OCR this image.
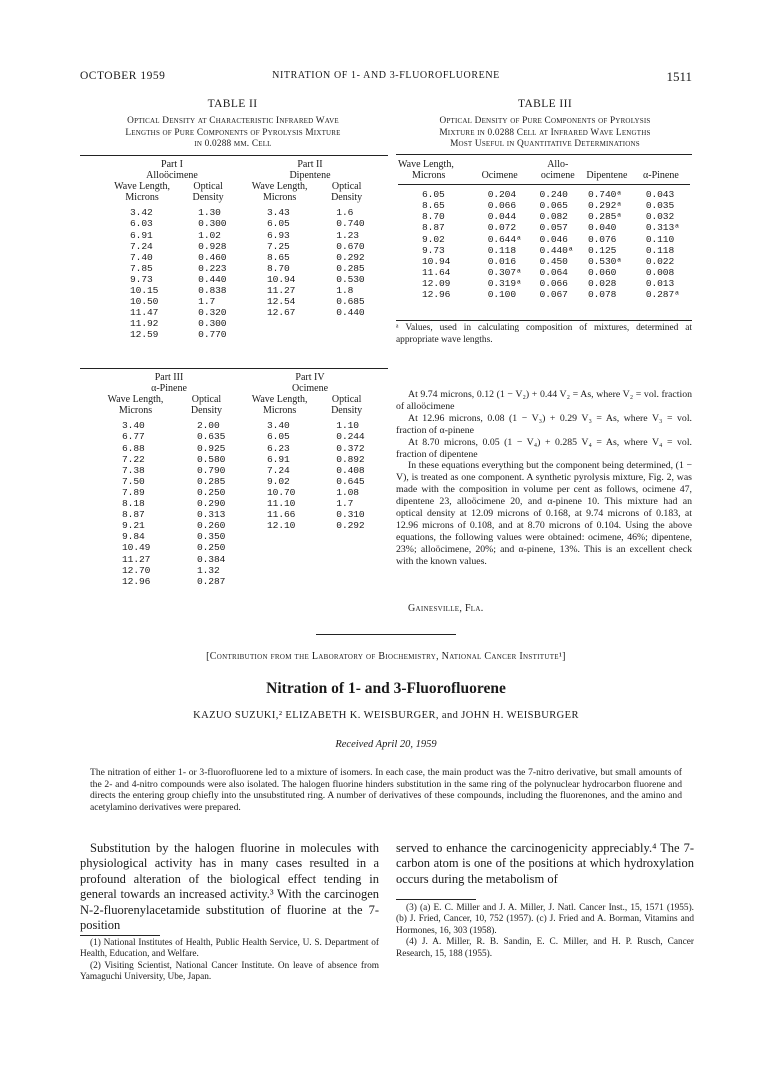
OCTOBER 1959	NITRATION OF 1- AND 3-FLUOROFLUORENE	1511
TABLE II
Optical Density at Characteristic Infrared Wave
Lengths of Pure Components of Pyrolysis Mixture
in 0.0288 mm. Cell
Part I	
Alloöcimene	
Wave Length,	Optical
Microns	Density
3.42	1.30
6.03	0.300
6.91	1.02
7.24	0.928
7.40	0.460
7.85	0.223
9.73	0.440
10.15	0.838
10.50	1.7
11.47	0.320
11.92	0.300
12.59	0.770
Part II	
Dipentene	
Wave Length,	Optical
Microns	Density
3.43	1.6
6.05	0.740
6.93	1.23
7.25	0.670
8.65	0.292
8.70	0.285
10.94	0.530
11.27	1.8
12.54	0.685
12.67	0.440
Part III	
α-Pinene	
Wave Length,	Optical
Microns	Density
3.40	2.00
6.77	0.635
6.88	0.925
7.22	0.580
7.38	0.790
7.50	0.285
7.89	0.250
8.18	0.290
8.87	0.313
9.21	0.260
9.84	0.350
10.49	0.250
11.27	0.384
12.70	1.32
12.96	0.287
Part IV	
Ocimene	
Wave Length,	Optical
Microns	Density
3.40	1.10
6.05	0.244
6.23	0.372
6.91	0.892
7.24	0.408
9.02	0.645
10.70	1.08
11.10	1.7
11.66	0.310
12.10	0.292
TABLE III
Optical Density of Pure Components of Pyrolysis
Mixture in 0.0288 Cell at Infrared Wave Lengths
Most Useful in Quantitative Determinations
Wave Length,		Allo-		
Microns	Ocimene	ocimene	Dipentene	α-Pinene

6.05	0.204	0.240	0.740ᵃ	0.043
8.65	0.066	0.065	0.292ᵃ	0.035
8.70	0.044	0.082	0.285ᵃ	0.032
8.87	0.072	0.057	0.040	0.313ᵃ
9.02	0.644ᵃ	0.046	0.076	0.110
9.73	0.118	0.440ᵃ	0.125	0.118
10.94	0.016	0.450	0.530ᵃ	0.022
11.64	0.307ᵃ	0.064	0.060	0.008
12.09	0.319ᵃ	0.066	0.028	0.013
12.96	0.100	0.067	0.078	0.287ᵃ
ᵃ Values, used in calculating composition of mixtures, determined at appropriate wave lengths.

At 9.74 microns, 0.12 (1 − V₂) + 0.44 V₂ = As, where V₂ = vol. fraction of alloöcimene

At 12.96 microns, 0.08 (1 − V₃) + 0.29 V₃ = As, where V₃ = vol. fraction of α-pinene

At 8.70 microns, 0.05 (1 − V₄) + 0.285 V₄ = As, where V₄ = vol. fraction of dipentene

In these equations everything but the component being determined, (1 − V), is treated as one component. A synthetic pyrolysis mixture, Fig. 2, was made with the composition in volume per cent as follows, ocimene 47, dipentene 23, alloöcimene 20, and α-pinene 10. This mixture had an optical density at 12.09 microns of 0.168, at 9.74 microns of 0.183, at 12.96 microns of 0.108, and at 8.70 microns of 0.104. Using the above equations, the following values were obtained: ocimene, 46%; dipentene, 23%; alloöcimene, 20%; and α-pinene, 13%. This is an excellent check with the known values.

Gainesville, Fla.
[Contribution from the Laboratory of Biochemistry, National Cancer Institute¹]
Nitration of 1- and 3-Fluorofluorene
KAZUO SUZUKI,² ELIZABETH K. WEISBURGER, and JOHN H. WEISBURGER
Received April 20, 1959
The nitration of either 1- or 3-fluorofluorene led to a mixture of isomers. In each case, the main product was the 7-nitro derivative, but small amounts of the 2- and 4-nitro compounds were also isolated. The halogen fluorine hinders substitution in the same ring of the polynuclear hydrocarbon fluorene and directs the entering group chiefly into the unsubstituted ring. A number of derivatives of these compounds, including the fluorenones, and the amino and acetylamino derivatives were prepared.
Substitution by the halogen fluorine in molecules with physiological activity has in many cases resulted in a profound alteration of the biological effect tending in general towards an increased activity.³ With the carcinogen N-2-fluorenylacetamide substitution of fluorine at the 7-position
served to enhance the carcinogenicity appreciably.⁴ The 7-carbon atom is one of the positions at which hydroxylation occurs during the metabolism of

(1) National Institutes of Health, Public Health Service, U. S. Department of Health, Education, and Welfare.

(2) Visiting Scientist, National Cancer Institute. On leave of absence from Yamaguchi University, Ube, Japan.

(3) (a) E. C. Miller and J. A. Miller, J. Natl. Cancer Inst., 15, 1571 (1955). (b) J. Fried, Cancer, 10, 752 (1957). (c) J. Fried and A. Borman, Vitamins and Hormones, 16, 303 (1958).

(4) J. A. Miller, R. B. Sandin, E. C. Miller, and H. P. Rusch, Cancer Research, 15, 188 (1955).
